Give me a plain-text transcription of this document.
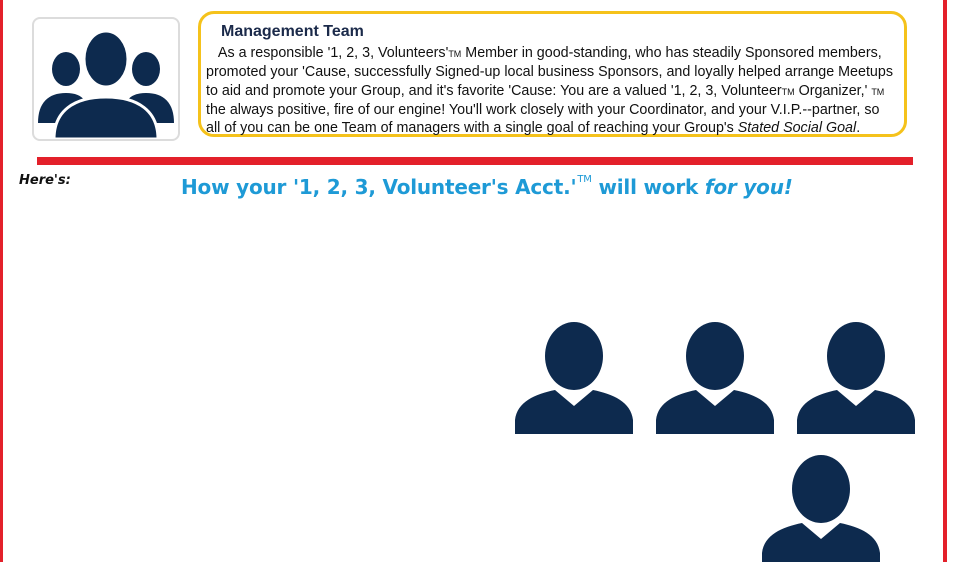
Management Team

As a responsible '1, 2, 3, Volunteers'TM Member in good-standing, who has steadily Sponsored members,
promoted your 'Cause, successfully Signed-up local business Sponsors, and loyally helped arrange Meetups
to aid and promote your Group, and it's favorite 'Cause: You are a valued '1, 2, 3, VolunteerTM Organizer,' TM
the always positive, fire of our engine! You'll work closely with your Coordinator, and your V.I.P.--partner, so
all of you can be one Team of managers with a single goal of reaching your Group's Stated Social Goal.

Here's:	How your '1, 2, 3, Volunteer's Acct.'™ will work for you!
